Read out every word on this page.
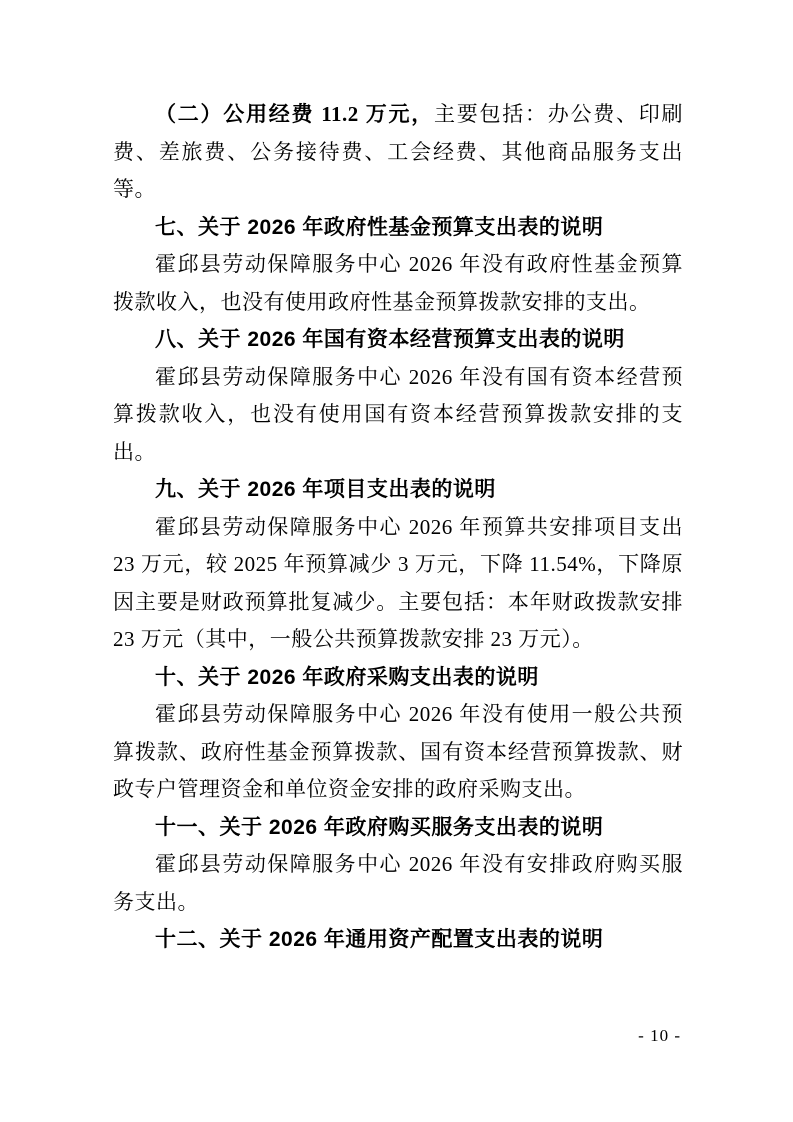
（二）公用经费 11.2 万元，主要包括：办公费、印刷费、差旅费、公务接待费、工会经费、其他商品服务支出等。

七、关于 2026 年政府性基金预算支出表的说明

霍邱县劳动保障服务中心 2026 年没有政府性基金预算拨款收入，也没有使用政府性基金预算拨款安排的支出。

八、关于 2026 年国有资本经营预算支出表的说明

霍邱县劳动保障服务中心 2026 年没有国有资本经营预算拨款收入，也没有使用国有资本经营预算拨款安排的支出。

九、关于 2026 年项目支出表的说明

霍邱县劳动保障服务中心 2026 年预算共安排项目支出 23 万元，较 2025 年预算减少 3 万元，下降 11.54%，下降原因主要是财政预算批复减少。主要包括：本年财政拨款安排 23 万元（其中，一般公共预算拨款安排 23 万元）。

十、关于 2026 年政府采购支出表的说明

霍邱县劳动保障服务中心 2026 年没有使用一般公共预算拨款、政府性基金预算拨款、国有资本经营预算拨款、财政专户管理资金和单位资金安排的政府采购支出。

十一、关于 2026 年政府购买服务支出表的说明

霍邱县劳动保障服务中心 2026 年没有安排政府购买服务支出。

十二、关于 2026 年通用资产配置支出表的说明

- 10 -
